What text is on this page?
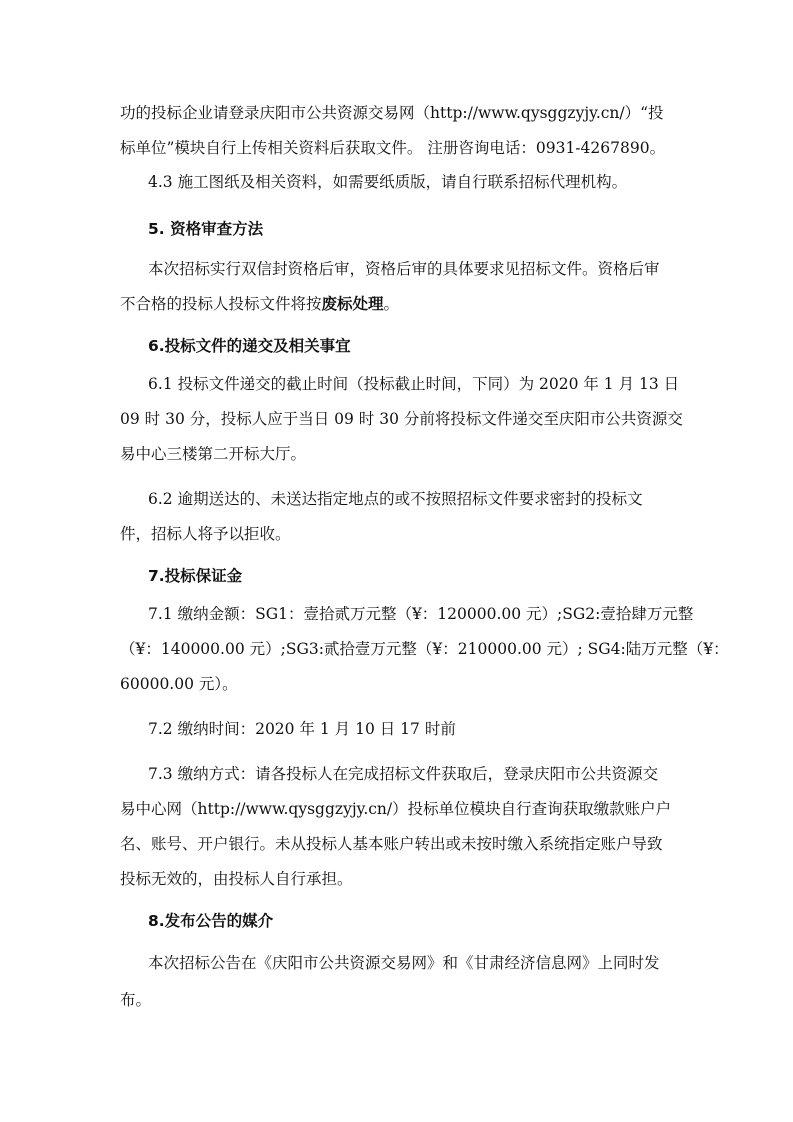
功的投标企业请登录庆阳市公共资源交易网（http://www.qysggzyjy.cn/）“投
标单位”模块自行上传相关资料后获取文件。 注册咨询电话：0931-4267890。
4.3 施工图纸及相关资料，如需要纸质版，请自行联系招标代理机构。
5. 资格审查方法
本次招标实行双信封资格后审，资格后审的具体要求见招标文件。资格后审
不合格的投标人投标文件将按废标处理。
6.投标文件的递交及相关事宜
6.1 投标文件递交的截止时间（投标截止时间，下同）为 2020 年 1 月 13 日
09 时 30 分，投标人应于当日 09 时 30 分前将投标文件递交至庆阳市公共资源交
易中心三楼第二开标大厅。
6.2 逾期送达的、未送达指定地点的或不按照招标文件要求密封的投标文
件，招标人将予以拒收。
7.投标保证金
7.1 缴纳金额：SG1：壹拾贰万元整（¥：120000.00 元）;SG2:壹拾肆万元整
（¥：140000.00 元）;SG3:贰拾壹万元整（¥：210000.00 元）; SG4:陆万元整（¥：
60000.00 元）。
7.2 缴纳时间：2020 年 1 月 10 日 17 时前
7.3 缴纳方式：请各投标人在完成招标文件获取后，登录庆阳市公共资源交
易中心网（http://www.qysggzyjy.cn/）投标单位模块自行查询获取缴款账户户
名、账号、开户银行。未从投标人基本账户转出或未按时缴入系统指定账户导致
投标无效的，由投标人自行承担。
8.发布公告的媒介
本次招标公告在《庆阳市公共资源交易网》和《甘肃经济信息网》上同时发
布。
